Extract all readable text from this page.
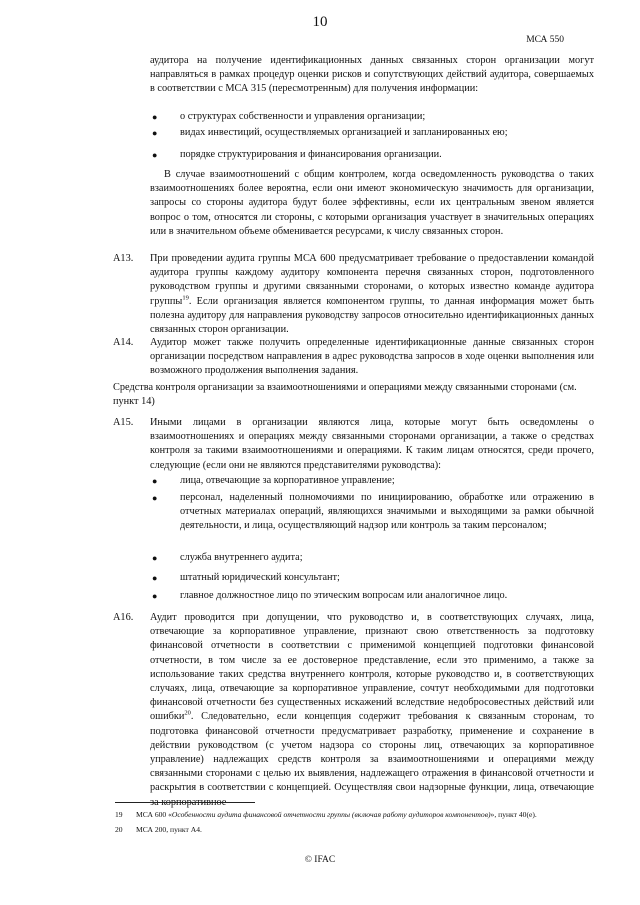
10
МСА 550

аудитора на получение идентификационных данных связанных сторон организации могут направляться в рамках процедур оценки рисков и сопутствующих действий аудитора, совершаемых в соответствии с МСА 315 (пересмотренным) для получения информации:

● о структурах собственности и управления организации;

● видах инвестиций, осуществляемых организацией и запланированных ею;

● порядке структурирования и финансирования организации.

В случае взаимоотношений с общим контролем, когда осведомленность руководства о таких взаимоотношениях более вероятна, если они имеют экономическую значимость для организации, запросы со стороны аудитора будут более эффективны, если их центральным звеном является вопрос о том, относятся ли стороны, с которыми организация участвует в значительных операциях или в значительном объеме обменивается ресурсами, к числу связанных сторон.

A13. При проведении аудита группы МСА 600 предусматривает требование о предоставлении командой аудитора группы каждому аудитору компонента перечня связанных сторон, подготовленного руководством группы и другими связанными сторонами, о которых известно команде аудитора группы$^{19}$. Если организация является компонентом группы, то данная информация может быть полезна аудитору для направления руководству запросов относительно идентификационных данных связанных сторон организации.

A14. Аудитор может также получить определенные идентификационные данные связанных сторон организации посредством направления в адрес руководства запросов в ходе оценки выполнения или возможного продолжения выполнения задания.

Средства контроля организации за взаимоотношениями и операциями между связанными сторонами (см. пункт 14)

A15. Иными лицами в организации являются лица, которые могут быть осведомлены о взаимоотношениях и операциях между связанными сторонами организации, а также о средствах контроля за такими взаимоотношениями и операциями. К таким лицам относятся, среди прочего, следующие (если они не являются представителями руководства):

● лица, отвечающие за корпоративное управление;

● персонал, наделенный полномочиями по инициированию, обработке или отражению в отчетных материалах операций, являющихся значимыми и выходящими за рамки обычной деятельности, и лица, осуществляющий надзор или контроль за таким персоналом;

● служба внутреннего аудита;

● штатный юридический консультант;

● главное должностное лицо по этическим вопросам или аналогичное лицо.

A16. Аудит проводится при допущении, что руководство и, в соответствующих случаях, лица, отвечающие за корпоративное управление, признают свою ответственность за подготовку финансовой отчетности в соответствии с применимой концепцией подготовки финансовой отчетности, в том числе за ее достоверное представление, если это применимо, а также за использование таких средства внутреннего контроля, которые руководство и, в соответствующих случаях, лица, отвечающие за корпоративное управление, сочтут необходимыми для подготовки финансовой отчетности без существенных искажений вследствие недобросовестных действий или ошибки$^{20}$. Следовательно, если концепция содержит требования к связанным сторонам, то подготовка финансовой отчетности предусматривает разработку, применение и сохранение в действии руководством (с учетом надзора со стороны лиц, отвечающих за корпоративное управление) надлежащих средств контроля за взаимоотношениями и операциями между связанными сторонами с целью их выявления, надлежащего отражения в финансовой отчетности и раскрытия в соответствии с концепцией. Осуществляя свои надзорные функции, лица, отвечающие за корпоративное

19 МСА 600 «Особенности аудита финансовой отчетности группы (включая работу аудиторов компонентов)», пункт 40(е).
20 МСА 200, пункт А4.
© IFAC
